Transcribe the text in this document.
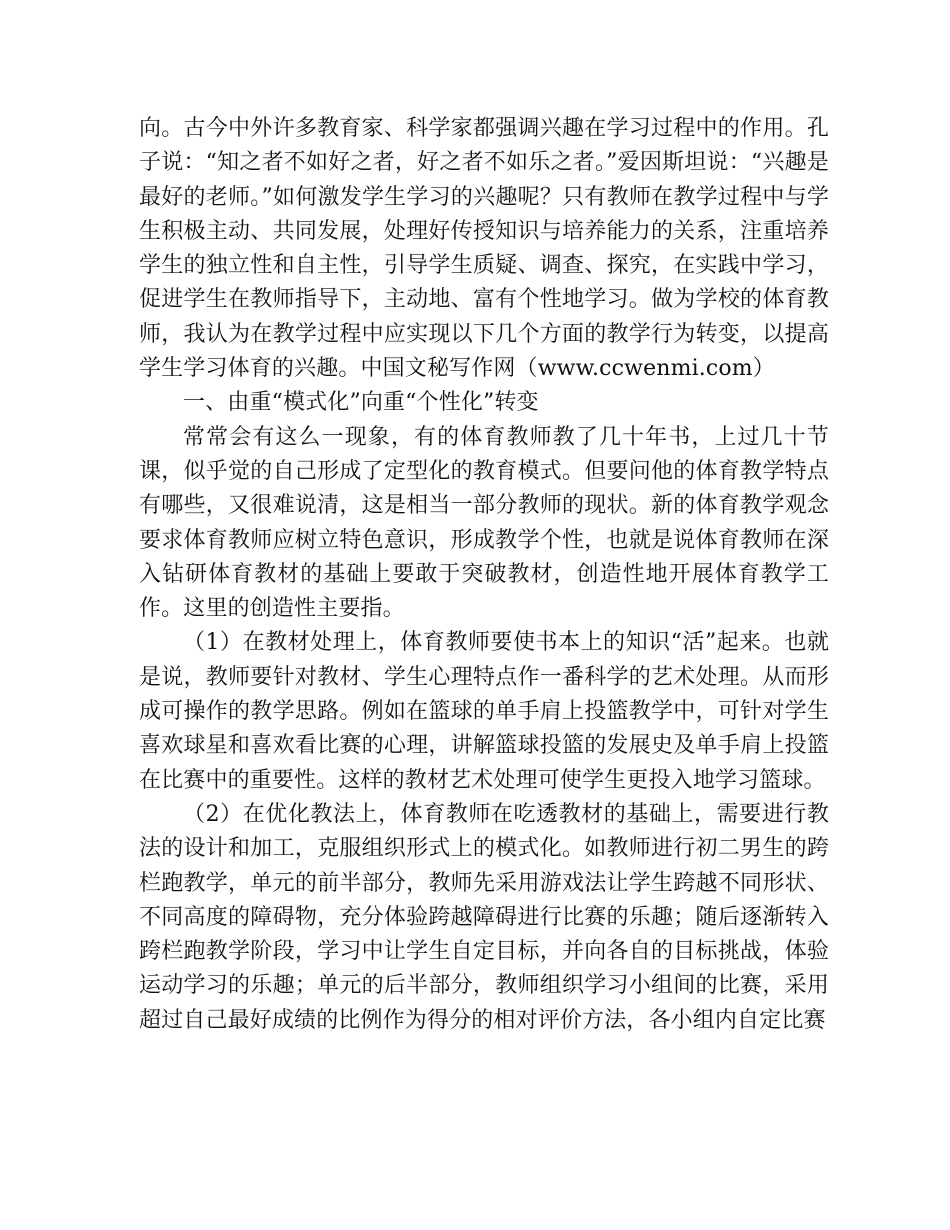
向。古今中外许多教育家、科学家都强调兴趣在学习过程中的作用。孔子说：“知之者不如好之者，好之者不如乐之者。”爱因斯坦说：“兴趣是最好的老师。”如何激发学生学习的兴趣呢？只有教师在教学过程中与学生积极主动、共同发展，处理好传授知识与培养能力的关系，注重培养学生的独立性和自主性，引导学生质疑、调查、探究，在实践中学习，促进学生在教师指导下，主动地、富有个性地学习。做为学校的体育教师，我认为在教学过程中应实现以下几个方面的教学行为转变，以提高学生学习体育的兴趣。中国文秘写作网（www.ccwenmi.com）

一、由重“模式化”向重“个性化”转变

常常会有这么一现象，有的体育教师教了几十年书，上过几十节课，似乎觉的自己形成了定型化的教育模式。但要问他的体育教学特点有哪些，又很难说清，这是相当一部分教师的现状。新的体育教学观念要求体育教师应树立特色意识，形成教学个性，也就是说体育教师在深入钻研体育教材的基础上要敢于突破教材，创造性地开展体育教学工作。这里的创造性主要指。

（1）在教材处理上，体育教师要使书本上的知识“活”起来。也就是说，教师要针对教材、学生心理特点作一番科学的艺术处理。从而形成可操作的教学思路。例如在篮球的单手肩上投篮教学中，可针对学生喜欢球星和喜欢看比赛的心理，讲解篮球投篮的发展史及单手肩上投篮在比赛中的重要性。这样的教材艺术处理可使学生更投入地学习篮球。

（2）在优化教法上，体育教师在吃透教材的基础上，需要进行教法的设计和加工，克服组织形式上的模式化。如教师进行初二男生的跨栏跑教学，单元的前半部分，教师先采用游戏法让学生跨越不同形状、不同高度的障碍物，充分体验跨越障碍进行比赛的乐趣；随后逐渐转入跨栏跑教学阶段，学习中让学生自定目标，并向各自的目标挑战，体验运动学习的乐趣；单元的后半部分，教师组织学习小组间的比赛，采用超过自己最好成绩的比例作为得分的相对评价方法，各小组内自定比赛
